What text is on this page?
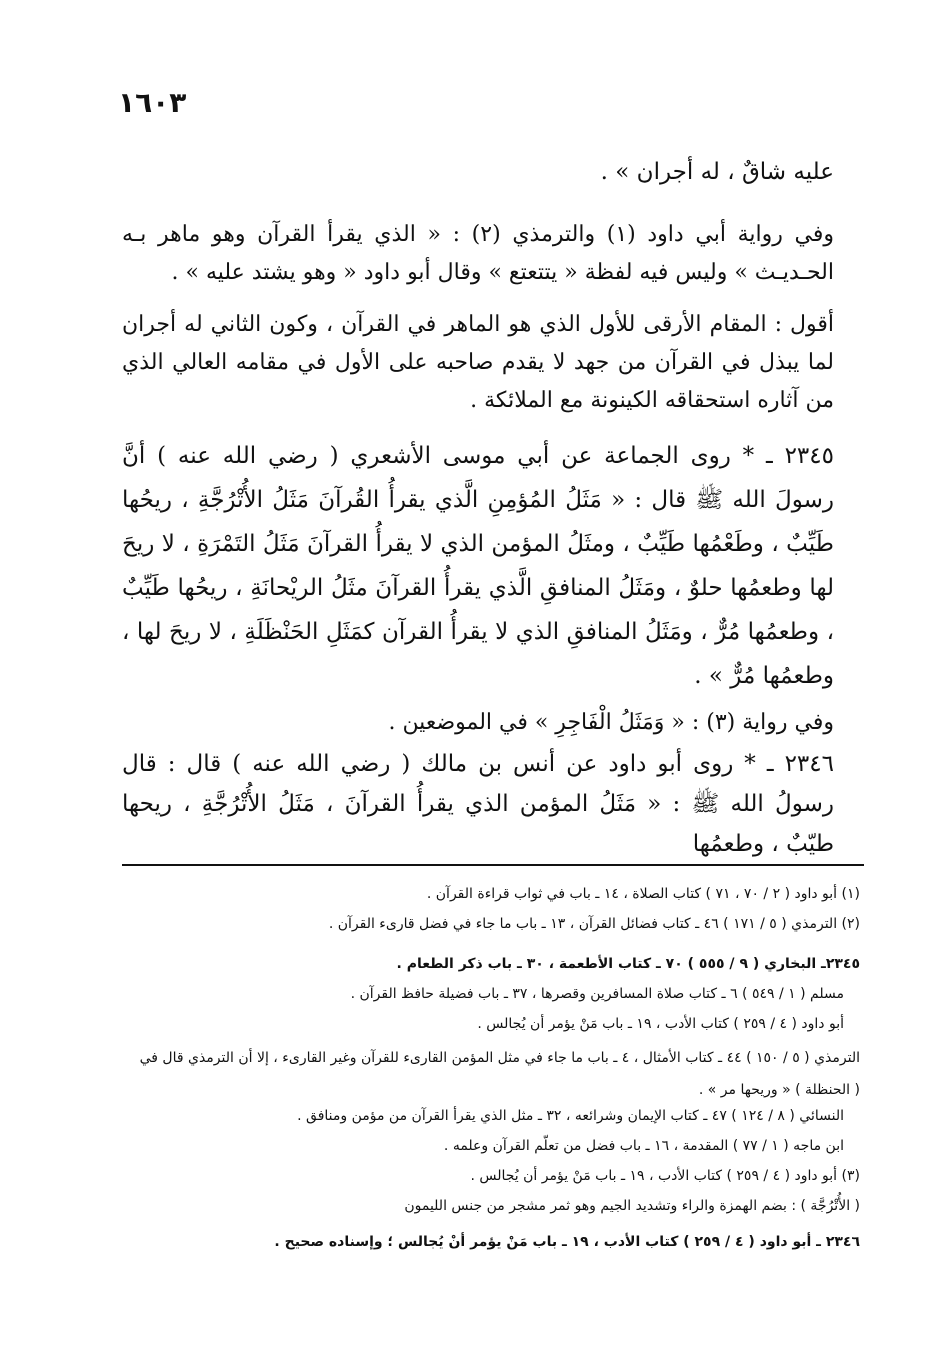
١٦٠٣

عليه شاقٌ ، له أجران » .

وفي رواية أبي داود (١) والترمذي (٢) : « الذي يقرأ القرآن وهو ماهر بـه الحـديـث » وليس فيه لفظة « يتتعتع » وقال أبو داود « وهو يشتد عليه » .

أقول : المقام الأرقى للأول الذي هو الماهر في القرآن ، وكون الثاني له أجران لما يبذل في القرآن من جهد لا يقدم صاحبه على الأول في مقامه العالي الذي من آثاره استحقاقه الكينونة مع الملائكة .

٢٣٤٥ ـ * روى الجماعة عن أبي موسى الأشعري ( رضي الله عنه ) أنَّ رسولَ الله ﷺ قال : « مَثَلُ المُؤمِنِ الَّذي يقرأُ القُرآنَ مَثَلُ الأُتْرُجَّةِ ، ريحُها طَيِّبٌ ، وطَعْمُها طَيِّبٌ ، ومثَلُ المؤمن الذي لا يقرأُ القرآنَ مَثَلُ التَمْرَةِ ، لا ريحَ لها وطعمُها حلوٌ ، ومَثَلُ المنافقِ الَّذي يقرأُ القرآنَ مثَلُ الريْحانَةِ ، ريحُها طَيِّبٌ ، وطعمُها مُرٌّ ، ومَثَلُ المنافقِ الذي لا يقرأُ القرآن كمَثَلِ الحَنْظَلَةِ ، لا ريحَ لها ، وطعمُها مُرٌّ » .

وفي رواية (٣) : « وَمَثَلُ الْفَاجِرِ » في الموضعين .

٢٣٤٦ ـ * روى أبو داود عن أنس بن مالك ( رضي الله عنه ) قال : قال رسولُ الله ﷺ : « مَثَلُ المؤمن الذي يقرأُ القرآنَ ، مَثَلُ الأُتْرُجَّةِ ، ريحها طيّبٌ ، وطعمُها

(١) أبو داود ( ٢ / ٧٠ ، ٧١ ) كتاب الصلاة ، ١٤ ـ باب في ثواب قراءة القرآن .
(٢) الترمذي ( ٥ / ١٧١ ) ٤٦ ـ كتاب فضائل القرآن ، ١٣ ـ باب ما جاء في فضل قارىء القرآن .
٢٣٤٥ـ البخاري ( ٩ / ٥٥٥ ) ٧٠ ـ كتاب الأطعمة ، ٣٠ ـ باب ذكر الطعام .
مسلم ( ١ / ٥٤٩ ) ٦ ـ كتاب صلاة المسافرين وقصرها ، ٣٧ ـ باب فضيلة حافظ القرآن .
أبو داود ( ٤ / ٢٥٩ ) كتاب الأدب ، ١٩ ـ باب مَنْ يؤمر أن يُجالس .
الترمذي ( ٥ / ١٥٠ ) ٤٤ ـ كتاب الأمثال ، ٤ ـ باب ما جاء في مثل المؤمن القارىء للقرآن وغير القارىء ، إلا أن الترمذي قال في ( الحنظلة ) « وريحها مر » .
النسائي ( ٨ / ١٢٤ ) ٤٧ ـ كتاب الإيمان وشرائعه ، ٣٢ ـ مثل الذي يقرأ القرآن من مؤمن ومنافق .
ابن ماجه ( ١ / ٧٧ ) المقدمة ، ١٦ ـ باب فضل من تعلّم القرآن وعلمه .
(٣) أبو داود ( ٤ / ٢٥٩ ) كتاب الأدب ، ١٩ ـ باب مَنْ يؤمر أن يُجالس .
( الأُتْرُجَّة ) : بضم الهمزة والراء وتشديد الجيم وهو ثمر مشجر من جنس الليمون
٢٣٤٦ ـ أبو داود ( ٤ / ٢٥٩ ) كتاب الأدب ، ١٩ ـ باب مَنْ يؤمر أنْ يُجالس ؛ وإسناده صحيح .
